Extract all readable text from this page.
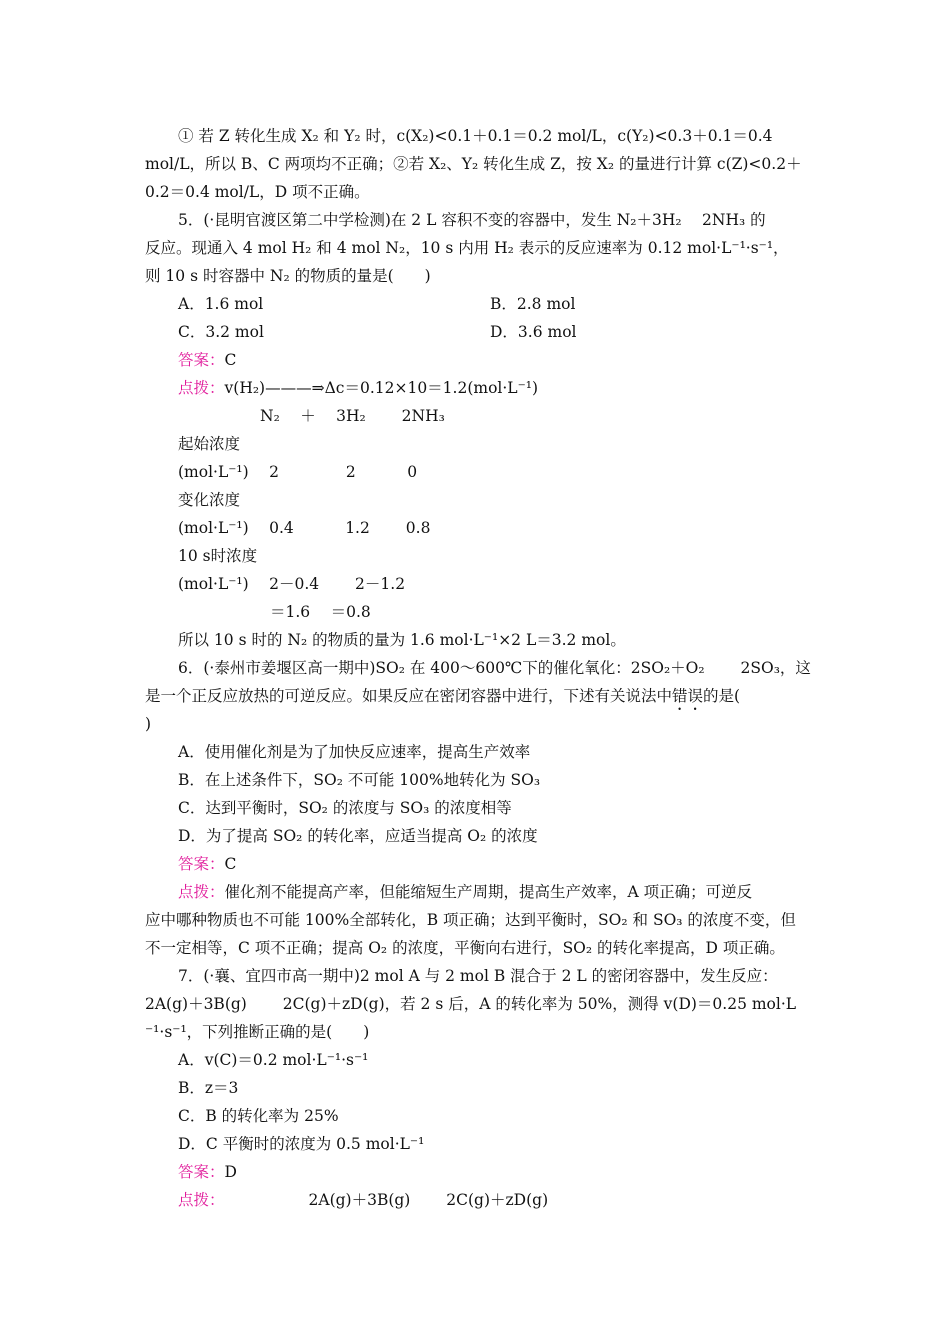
① 若 Z 转化生成 X₂ 和 Y₂ 时，c(X₂)<0.1＋0.1＝0.2 mol/L，c(Y₂)<0.3＋0.1＝0.4
mol/L，所以 B、C 两项均不正确；②若 X₂、Y₂ 转化生成 Z，按 X₂ 的量进行计算 c(Z)<0.2＋
0.2＝0.4 mol/L，D 项不正确。
5．(·昆明官渡区第二中学检测)在 2 L 容积不变的容器中，发生 N₂＋3H₂　 2NH₃ 的
反应。现通入 4 mol H₂ 和 4 mol N₂，10 s 内用 H₂ 表示的反应速率为 0.12 mol·L⁻¹·s⁻¹，
则 10 s 时容器中 N₂ 的物质的量是(　　)
A．1.6 mol	B．2.8 mol
C．3.2 mol	D．3.6 mol
答案：C
点拨：v(H₂)———⇒Δc＝0.12×10＝1.2(mol·L⁻¹)
N₂　 ＋　 3H₂　　 2NH₃
起始浓度
(mol·L⁻¹)　 2　　　　 2　　　 0
变化浓度
(mol·L⁻¹)　 0.4　　　 1.2　　 0.8
10 s时浓度
(mol·L⁻¹)　 2－0.4　　 2－1.2
＝1.6　 ＝0.8
所以 10 s 时的 N₂ 的物质的量为 1.6 mol·L⁻¹×2 L＝3.2 mol。
6．(·泰州市姜堰区高一期中)SO₂ 在 400～600℃下的催化氧化：2SO₂＋O₂　　 2SO₃，这
是一个正反应放热的可逆反应。如果反应在密闭容器中进行，下述有关说法中错误的是(
)
A．使用催化剂是为了加快反应速率，提高生产效率
B．在上述条件下，SO₂ 不可能 100%地转化为 SO₃
C．达到平衡时，SO₂ 的浓度与 SO₃ 的浓度相等
D．为了提高 SO₂ 的转化率，应适当提高 O₂ 的浓度
答案：C
点拨：催化剂不能提高产率，但能缩短生产周期，提高生产效率，A 项正确；可逆反
应中哪种物质也不可能 100%全部转化，B 项正确；达到平衡时，SO₂ 和 SO₃ 的浓度不变，但
不一定相等，C 项不正确；提高 O₂ 的浓度，平衡向右进行，SO₂ 的转化率提高，D 项正确。
7．(·襄、宜四市高一期中)2 mol A 与 2 mol B 混合于 2 L 的密闭容器中，发生反应：
2A(g)＋3B(g)　　 2C(g)＋zD(g)，若 2 s 后，A 的转化率为 50%，测得 v(D)＝0.25 mol·L
⁻¹·s⁻¹，下列推断正确的是(　　)
A．v(C)＝0.2 mol·L⁻¹·s⁻¹
B．z＝3
C．B 的转化率为 25%
D．C 平衡时的浓度为 0.5 mol·L⁻¹
答案：D
点拨：	2A(g)＋3B(g)　　 2C(g)＋zD(g)
